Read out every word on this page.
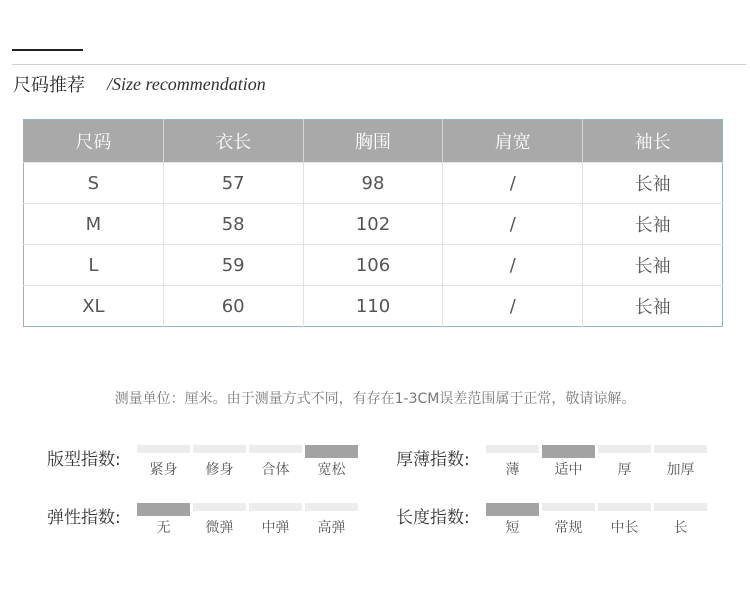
尺码推荐 /Size recommendation
尺码	衣长	胸围	肩宽	袖长
S	57	98	/	长袖
M	58	102	/	长袖
L	59	106	/	长袖
XL	60	110	/	长袖
测量单位：厘米。由于测量方式不同，有存在1-3CM误差范围属于正常，敬请谅解。
版型指数: 紧身 修身 合体 宽松	厚薄指数:	薄	适中	厚	加厚
弹性指数:	无	微弹 中弹 高弹	长度指数:	短	常规 中长	长
